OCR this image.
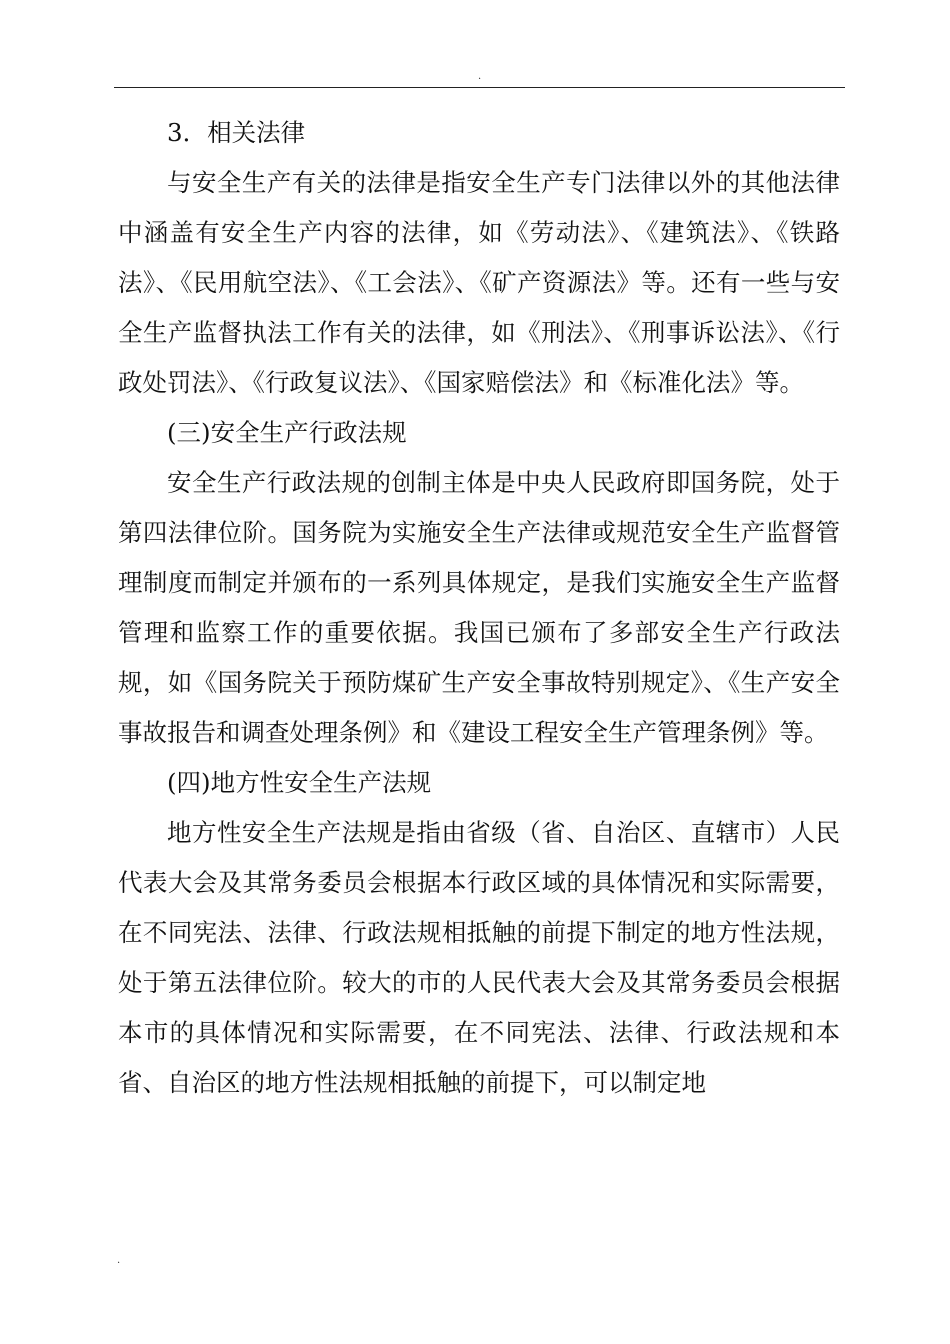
.

3．相关法律

与安全生产有关的法律是指安全生产专门法律以外的其他法律中涵盖有安全生产内容的法律，如《劳动法》、《建筑法》、《铁路法》、《民用航空法》、《工会法》、《矿产资源法》等。还有一些与安全生产监督执法工作有关的法律，如《刑法》、《刑事诉讼法》、《行政处罚法》、《行政复议法》、《国家赔偿法》和《标准化法》等。

(三)安全生产行政法规

安全生产行政法规的创制主体是中央人民政府即国务院，处于第四法律位阶。国务院为实施安全生产法律或规范安全生产监督管理制度而制定并颁布的一系列具体规定，是我们实施安全生产监督管理和监察工作的重要依据。我国已颁布了多部安全生产行政法规，如《国务院关于预防煤矿生产安全事故特别规定》、《生产安全事故报告和调查处理条例》和《建设工程安全生产管理条例》等。

(四)地方性安全生产法规

地方性安全生产法规是指由省级（省、自治区、直辖市）人民代表大会及其常务委员会根据本行政区域的具体情况和实际需要，在不同宪法、法律、行政法规相抵触的前提下制定的地方性法规，处于第五法律位阶。较大的市的人民代表大会及其常务委员会根据本市的具体情况和实际需要，在不同宪法、法律、行政法规和本省、自治区的地方性法规相抵触的前提下，可以制定地

.
